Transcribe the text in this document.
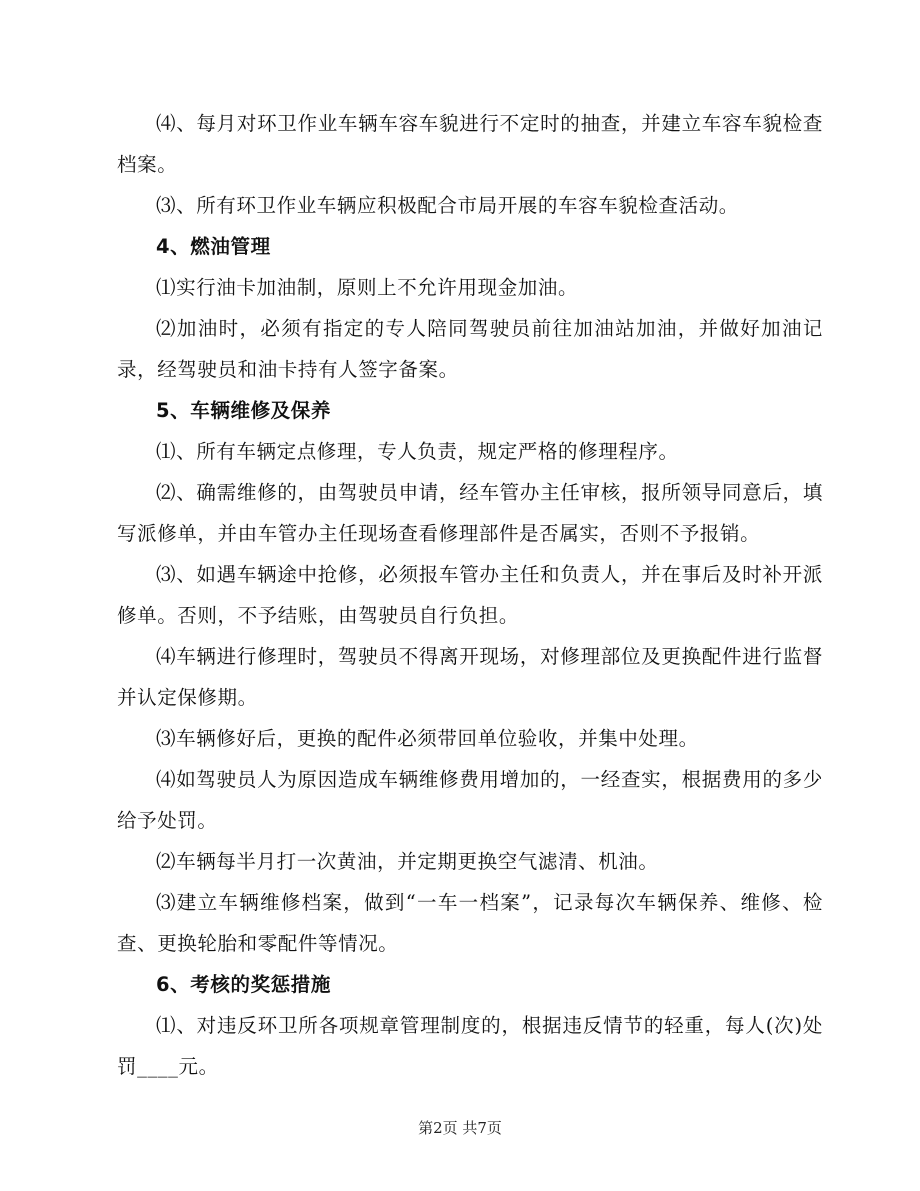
⑷、每月对环卫作业车辆车容车貌进行不定时的抽查，并建立车容车貌检查档案。

⑶、所有环卫作业车辆应积极配合市局开展的车容车貌检查活动。

4、燃油管理

⑴实行油卡加油制，原则上不允许用现金加油。

⑵加油时，必须有指定的专人陪同驾驶员前往加油站加油，并做好加油记录，经驾驶员和油卡持有人签字备案。

5、车辆维修及保养

⑴、所有车辆定点修理，专人负责，规定严格的修理程序。

⑵、确需维修的，由驾驶员申请，经车管办主任审核，报所领导同意后，填写派修单，并由车管办主任现场查看修理部件是否属实，否则不予报销。

⑶、如遇车辆途中抢修，必须报车管办主任和负责人，并在事后及时补开派修单。否则，不予结账，由驾驶员自行负担。

⑷车辆进行修理时，驾驶员不得离开现场，对修理部位及更换配件进行监督并认定保修期。

⑶车辆修好后，更换的配件必须带回单位验收，并集中处理。

⑷如驾驶员人为原因造成车辆维修费用增加的，一经查实，根据费用的多少给予处罚。

⑵车辆每半月打一次黄油，并定期更换空气滤清、机油。

⑶建立车辆维修档案，做到“一车一档案”，记录每次车辆保养、维修、检查、更换轮胎和零配件等情况。

6、考核的奖惩措施

⑴、对违反环卫所各项规章管理制度的，根据违反情节的轻重，每人(次)处罚____元。

第2页 共7页
